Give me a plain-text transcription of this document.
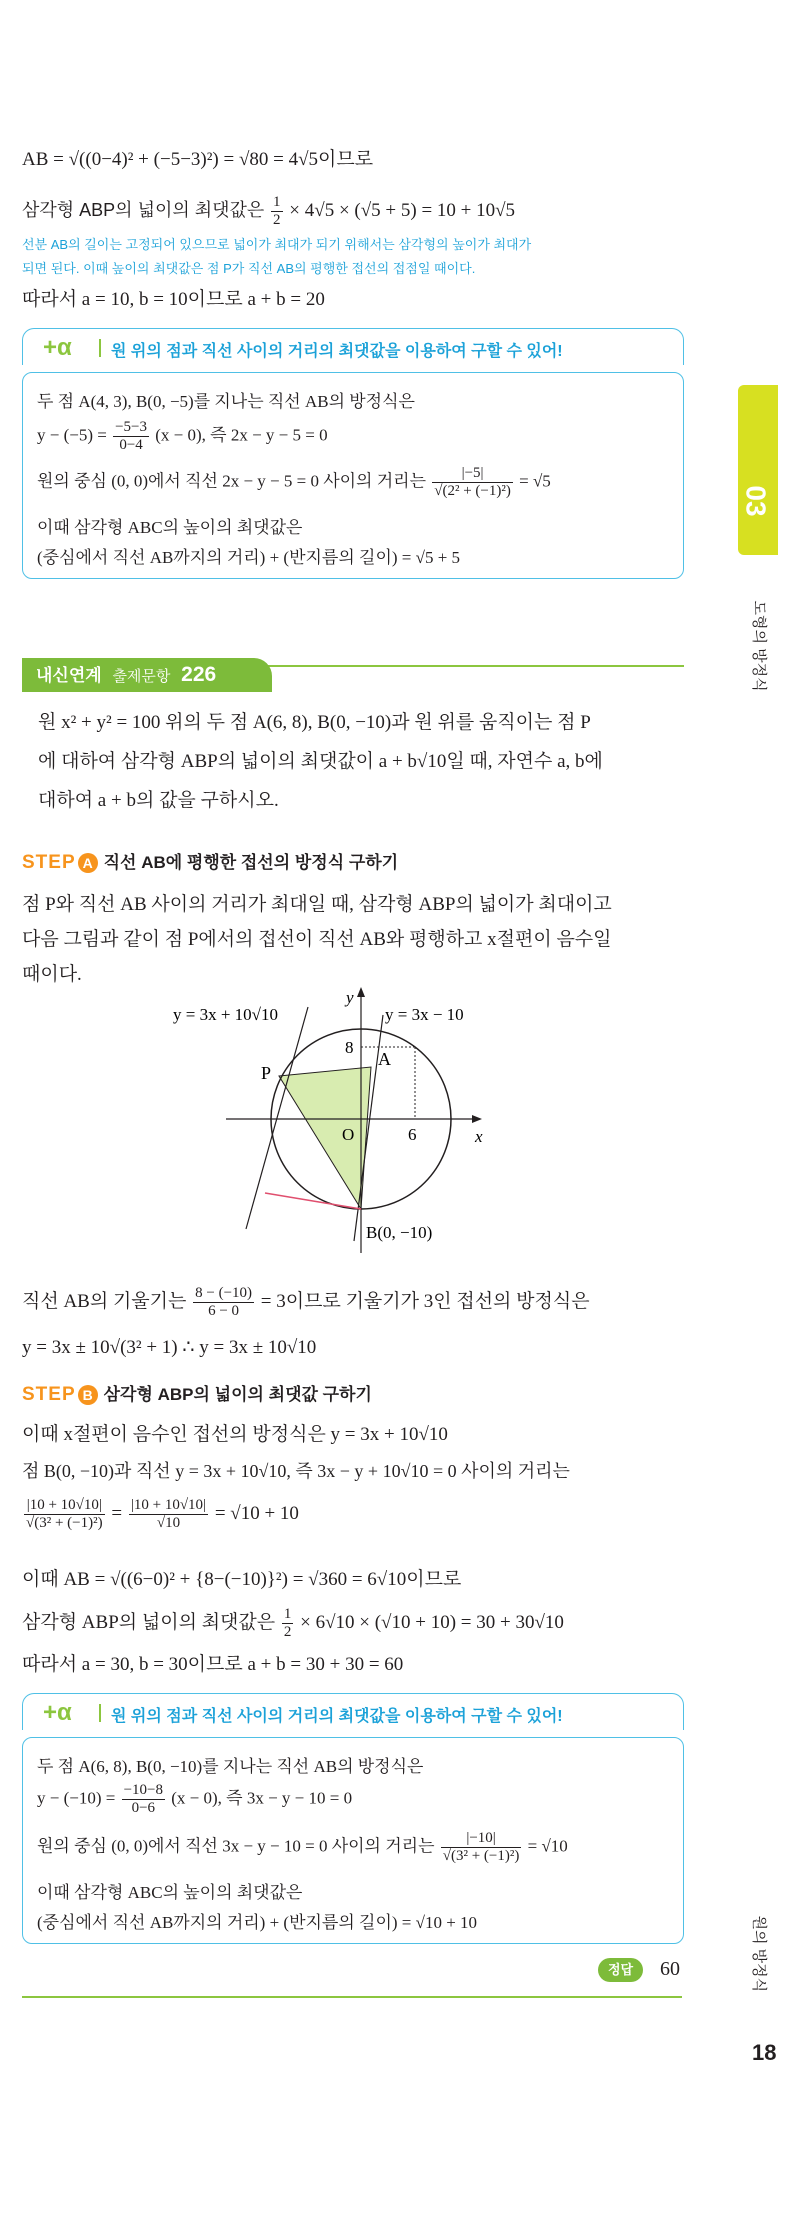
AB = √((0−4)² + (−5−3)²) = √80 = 4√5이므로
삼각형 ABP의 넓이의 최댓값은 $\frac{1}{2} \times 4√5 \times (√5 + 5) = 10 + 10√5$
선분 AB의 길이는 고정되어 있으므로 넓이가 최대가 되기 위해서는 삼각형의 높이가 최대가
되면 된다. 이때 높이의 최댓값은 점 P가 직선 AB의 평행한 접선의 접점일 때이다.
따라서 a = 10, b = 10이므로 a + b = 20
+α 원 위의 점과 직선 사이의 거리의 최댓값을 이용하여 구할 수 있어!
두 점 A(4, 3), B(0, −5)를 지나는 직선 AB의 방정식은
$y - (-5) = \frac{-5-3}{0-4} (x - 0)$, 즉 2x − y − 5 = 0
원의 중심 (0, 0)에서 직선 2x − y − 5 = 0 사이의 거리는 $\frac{|-5|}{\text{√(2² + (−1)²)}} = √5$
이때 삼각형 ABC의 높이의 최댓값은
(중심에서 직선 AB까지의 거리) + (반지름의 길이) = √5 + 5
03
도형의 방정식
원의 방정식
18
내신연계 출제문항 226
원 x² + y² = 100 위의 두 점 A(6, 8), B(0, −10)과 원 위를 움직이는 점 P
에 대하여 삼각형 ABP의 넓이의 최댓값이 a + b√10일 때, 자연수 a, b에
대하여 a + b의 값을 구하시오.
STEP A 직선 AB에 평행한 접선의 방정식 구하기
점 P와 직선 AB 사이의 거리가 최대일 때, 삼각형 ABP의 넓이가 최대이고
다음 그림과 같이 점 P에서의 접선이 직선 AB와 평행하고 x절편이 음수일
때이다.
y = 3x + 10√10	y = 3x − 10
y
x
O
8
6
A
P
B(0, −10)
직선 AB의 기울기는 $\frac{8 - (-10)}{6 - 0} = 3$이므로 기울기가 3인 접선의 방정식은
y = 3x ± 10√(3² + 1) ∴ y = 3x ± 10√10
STEP B 삼각형 ABP의 넓이의 최댓값 구하기
이때 x절편이 음수인 접선의 방정식은 y = 3x + 10√10
점 B(0, −10)과 직선 y = 3x + 10√10, 즉 3x − y + 10√10 = 0 사이의 거리는
$\frac{|10 + 10√10|}{\text{√(3² + (−1)²)}} = \frac{|10 + 10√10|}{√10} = √10 + 10$
이때 AB = √((6−0)² + {8−(−10)}²) = √360 = 6√10이므로
삼각형 ABP의 넓이의 최댓값은 $\frac{1}{2} \times 6√10 \times (√10 + 10) = 30 + 30√10$
따라서 a = 30, b = 30이므로 a + b = 30 + 30 = 60
+α 원 위의 점과 직선 사이의 거리의 최댓값을 이용하여 구할 수 있어!
두 점 A(6, 8), B(0, −10)를 지나는 직선 AB의 방정식은
$y - (-10) = \frac{-10-8}{0-6} (x - 0)$, 즉 3x − y − 10 = 0
원의 중심 (0, 0)에서 직선 3x − y − 10 = 0 사이의 거리는 $\frac{|-10|}{\text{√(3² + (−1)²)}} = √10$
이때 삼각형 ABC의 높이의 최댓값은
(중심에서 직선 AB까지의 거리) + (반지름의 길이) = √10 + 10
정답	60
